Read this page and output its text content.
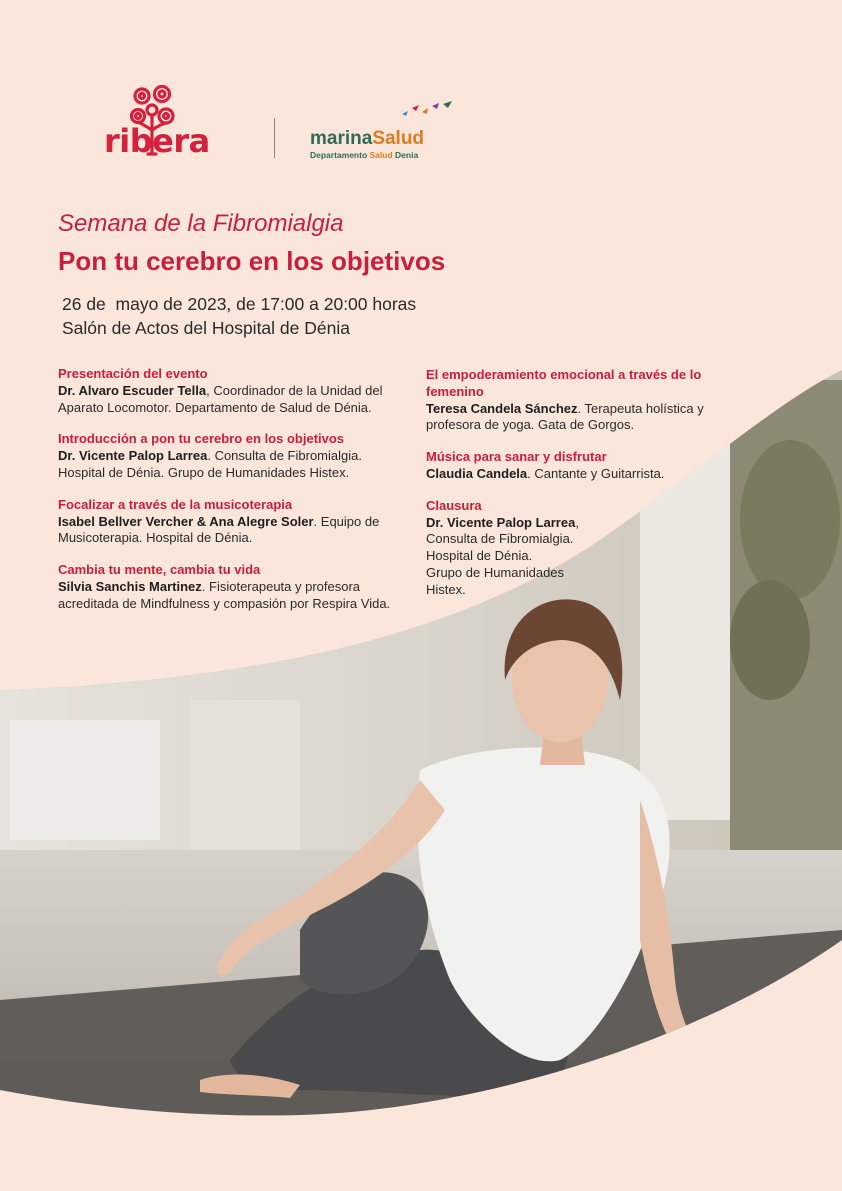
ribera	marinaSalud
Departamento Salud Denia
Semana de la Fibromialgia
Pon tu cerebro en los objetivos
26 de  mayo de 2023, de 17:00 a 20:00 horas
Salón de Actos del Hospital de Dénia
Presentación del evento
Dr. Alvaro Escuder Tella, Coordinador de la Unidad del Aparato Locomotor. Departamento de Salud de Dénia.
Introducción a pon tu cerebro en los objetivos
Dr. Vicente Palop Larrea. Consulta de Fibromialgia. Hospital de Dénia. Grupo de Humanidades Histex.
Focalizar a través de la musicoterapia
Isabel Bellver Vercher & Ana Alegre Soler. Equipo de Musicoterapia. Hospital de Dénia.
Cambia tu mente, cambia tu vida
Silvia Sanchis Martinez. Fisioterapeuta y profesora acreditada de Mindfulness y compasión por Respira Vida.
El empoderamiento emocional a través de lo femenino
Teresa Candela Sánchez. Terapeuta holística y profesora de yoga. Gata de Gorgos.
Música para sanar y disfrutar
Claudia Candela. Cantante y Guitarrista.
Clausura
Dr. Vicente Palop Larrea,
Consulta de Fibromialgia.
Hospital de Dénia.
Grupo de Humanidades
Histex.
